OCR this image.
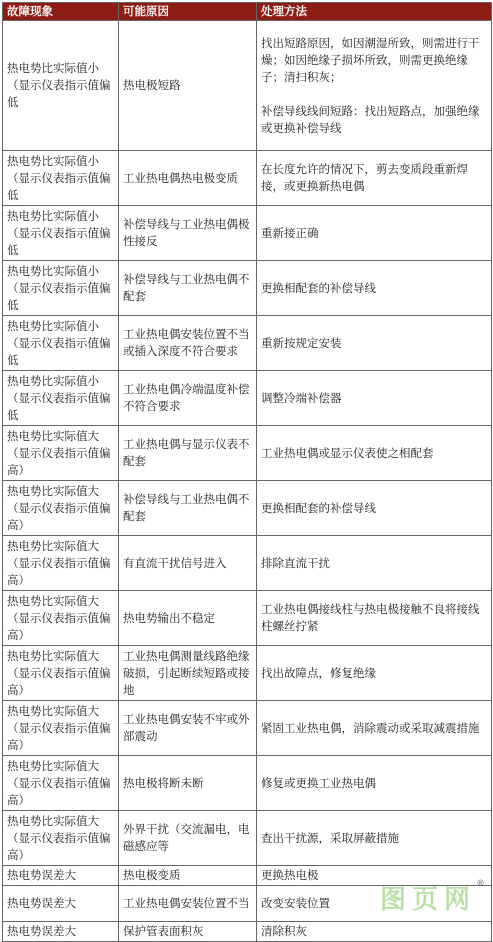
故障现象	可能原因	处理方法
热电势比实际值小（显示仪表指示值偏低	热电极短路	找出短路原因，如因潮湿所致，则需进行干燥；如因绝缘子损坏所致，则需更换绝缘子；清扫积灰；
补偿导线线间短路：找出短路点，加强绝缘或更换补偿导线
热电势比实际值小（显示仪表指示值偏低	工业热电偶热电极变质	在长度允许的情况下，剪去变质段重新焊接，或更换新热电偶
热电势比实际值小（显示仪表指示值偏低	补偿导线与工业热电偶极性接反	重新接正确
热电势比实际值小（显示仪表指示值偏低	补偿导线与工业热电偶不配套	更换相配套的补偿导线
热电势比实际值小（显示仪表指示值偏低	工业热电偶安装位置不当或插入深度不符合要求	重新按规定安装
热电势比实际值小（显示仪表指示值偏低	工业热电偶冷端温度补偿不符合要求	调整冷端补偿器
热电势比实际值大（显示仪表指示值偏高）	工业热电偶与显示仪表不配套	工业热电偶或显示仪表使之相配套
热电势比实际值大（显示仪表指示值偏高）	补偿导线与工业热电偶不配套	更换相配套的补偿导线
热电势比实际值大（显示仪表指示值偏高）	有直流干扰信号进入	排除直流干扰
热电势比实际值大（显示仪表指示值偏高）	热电势输出不稳定	工业热电偶接线柱与热电极接触不良将接线柱螺丝拧紧
热电势比实际值大（显示仪表指示值偏高）	工业热电偶测量线路绝缘破损，引起断续短路或接地	找出故障点，修复绝缘
热电势比实际值大（显示仪表指示值偏高）	工业热电偶安装不牢或外部震动	紧固工业热电偶，消除震动或采取减震措施
热电势比实际值大（显示仪表指示值偏高）	热电极将断未断	修复或更换工业热电偶
热电势比实际值大（显示仪表指示值偏高）	外界干扰（交流漏电，电磁感应等	查出干扰源，采取屏蔽措施
热电势误差大	热电极变质	更换热电极
热电势误差大	工业热电偶安装位置不当	改变安装位置
热电势误差大	保护管表面积灰	清除积灰
图页网®
